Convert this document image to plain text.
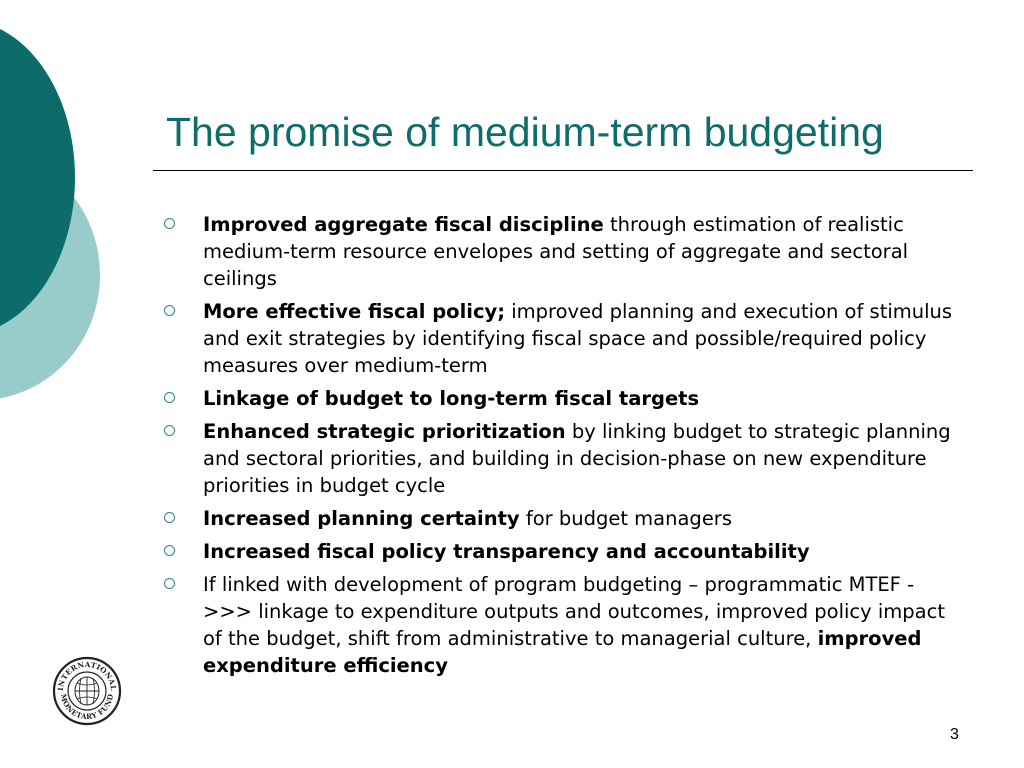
The promise of medium-term budgeting
Improved aggregate fiscal discipline through estimation of realistic medium-term resource envelopes and setting of aggregate and sectoral ceilings
More effective fiscal policy; improved planning and execution of stimulus and exit strategies by identifying fiscal space and possible/required policy measures over medium-term
Linkage of budget to long-term fiscal targets
Enhanced strategic prioritization by linking budget to strategic planning and sectoral priorities, and building in decision-phase on new expenditure priorities in budget cycle
Increased planning certainty for budget managers
Increased fiscal policy transparency and accountability
If linked with development of program budgeting – programmatic MTEF - >>> linkage to expenditure outputs and outcomes, improved policy impact of the budget, shift from administrative to managerial culture, improved expenditure efficiency
INTERNATIONAL
MONETARY FUND
3
